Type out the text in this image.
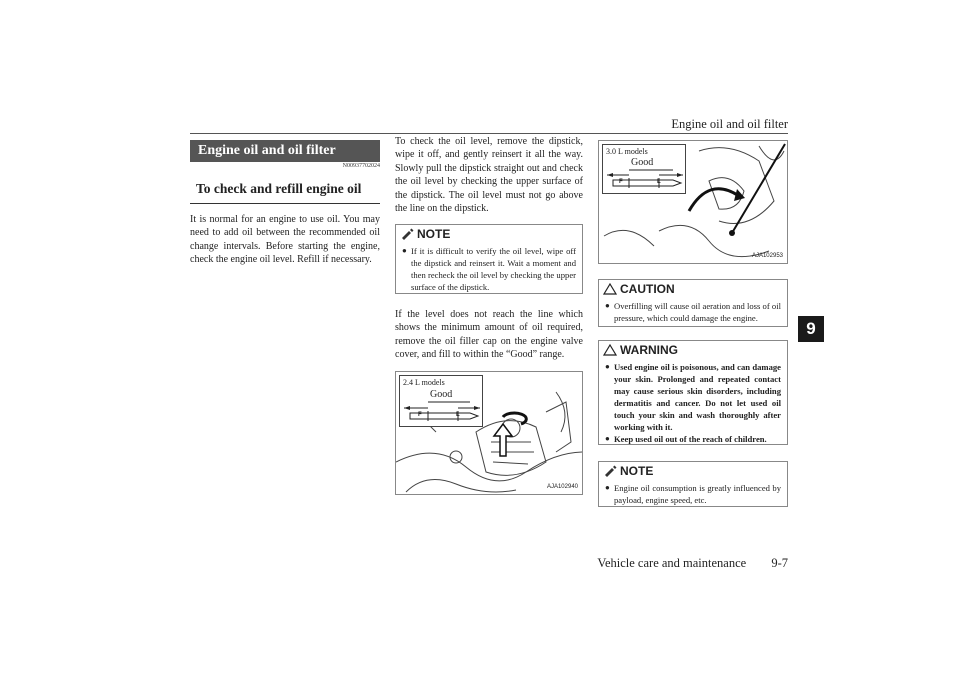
Engine oil and oil filter
9
Vehicle care and maintenance 9-7
Engine oil and oil filter
N00937702024
To check and refill engine oil

It is normal for an engine to use oil. You may need to add oil between the recommended oil change intervals. Before starting the engine, check the engine oil level. Refill if necessary.

To check the oil level, remove the dipstick, wipe it off, and gently reinsert it all the way. Slowly pull the dipstick straight out and check the oil level by checking the upper surface of the dipstick. The oil level must not go above the line on the dipstick.

NOTE
● If it is difficult to verify the oil level, wipe off the dipstick and reinsert it. Wait a moment and then recheck the oil level by checking the upper surface of the dipstick.

If the level does not reach the line which shows the minimum amount of oil required, remove the oil filler cap on the engine valve cover, and fill to within the “Good” range.

2.4 L models
Good
F	L
AJA102940
3.0 L models
Good
F	L
AJA102953
CAUTION
● Overfilling will cause oil aeration and loss of oil pressure, which could damage the engine.
WARNING
● Used engine oil is poisonous, and can damage your skin. Prolonged and repeated contact may cause serious skin disorders, including dermatitis and cancer. Do not let used oil touch your skin and wash thoroughly after working with it.
● Keep used oil out of the reach of children.
NOTE
● Engine oil consumption is greatly influenced by payload, engine speed, etc.
